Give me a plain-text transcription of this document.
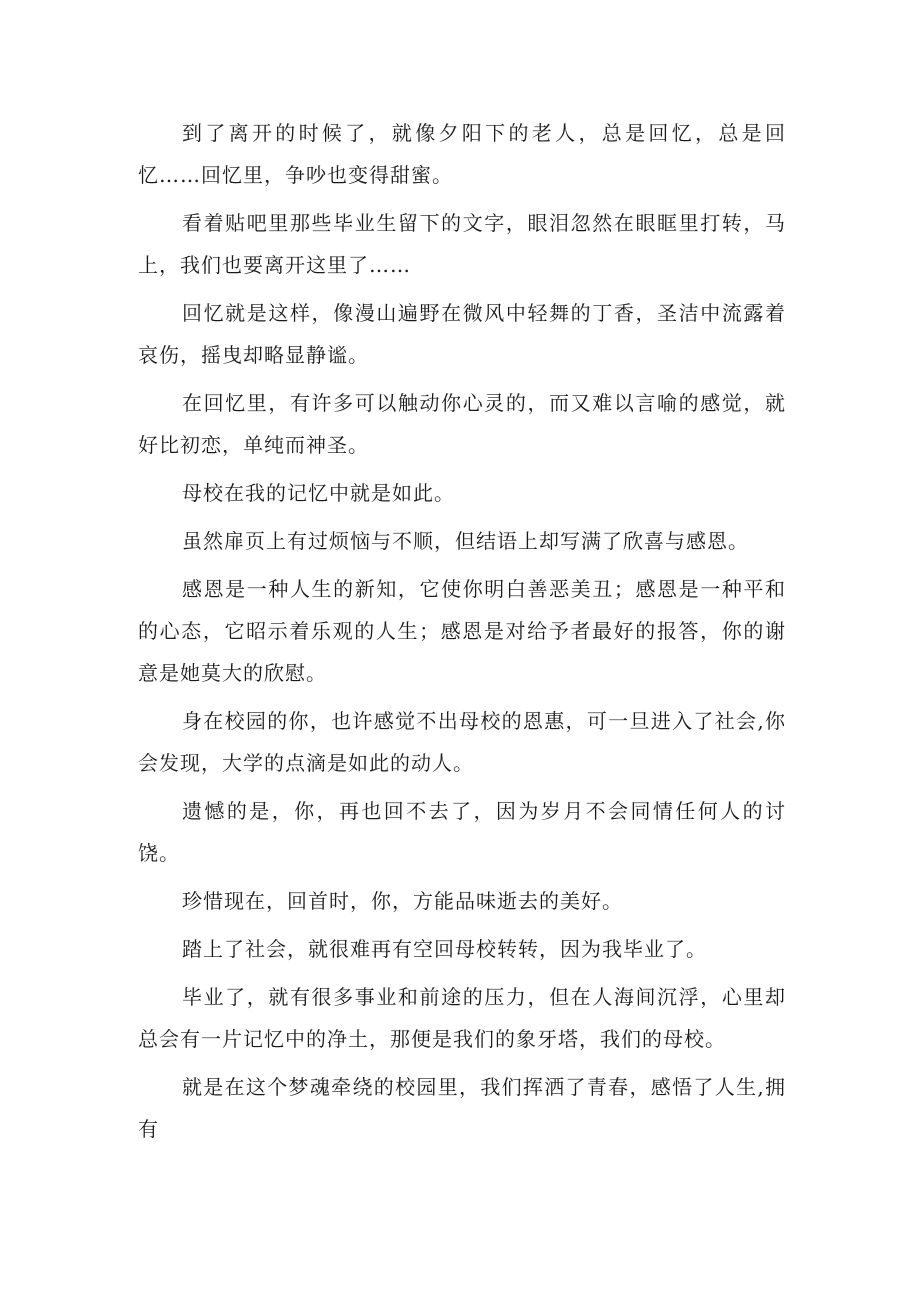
到了离开的时候了，就像夕阳下的老人，总是回忆，总是回忆……回忆里，争吵也变得甜蜜。

看着贴吧里那些毕业生留下的文字，眼泪忽然在眼眶里打转，马上，我们也要离开这里了……

回忆就是这样，像漫山遍野在微风中轻舞的丁香，圣洁中流露着哀伤，摇曳却略显静谧。

在回忆里，有许多可以触动你心灵的，而又难以言喻的感觉，就好比初恋，单纯而神圣。

母校在我的记忆中就是如此。

虽然扉页上有过烦恼与不顺，但结语上却写满了欣喜与感恩。

感恩是一种人生的新知，它使你明白善恶美丑；感恩是一种平和的心态，它昭示着乐观的人生；感恩是对给予者最好的报答，你的谢意是她莫大的欣慰。

身在校园的你，也许感觉不出母校的恩惠，可一旦进入了社会,你会发现，大学的点滴是如此的动人。

遗憾的是，你，再也回不去了，因为岁月不会同情任何人的讨饶。

珍惜现在，回首时，你，方能品味逝去的美好。

踏上了社会，就很难再有空回母校转转，因为我毕业了。

毕业了，就有很多事业和前途的压力，但在人海间沉浮，心里却总会有一片记忆中的净土，那便是我们的象牙塔，我们的母校。

就是在这个梦魂牵绕的校园里，我们挥洒了青春，感悟了人生,拥有
